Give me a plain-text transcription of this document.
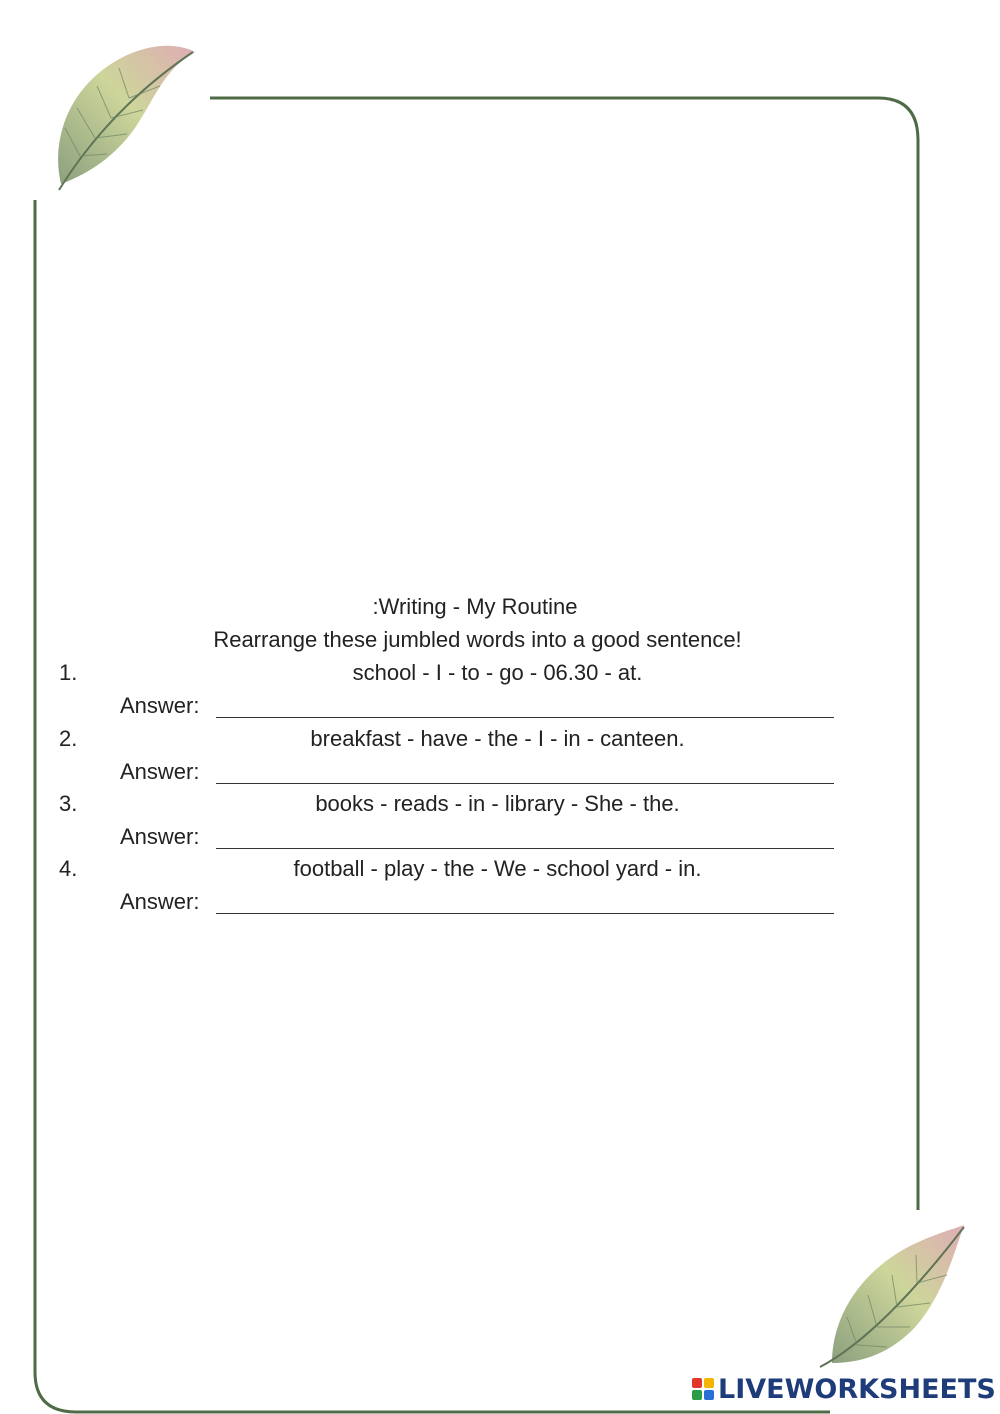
:Writing - My Routine
Rearrange these jumbled words into a good sentence!
1.	school - I - to - go - 06.30 - at.
Answer:
2.	breakfast - have - the - I - in - canteen.
Answer:
3.	books - reads - in - library - She - the.
Answer:
4.	football - play - the - We - school yard - in.
Answer:
LIVEWORKSHEETS
